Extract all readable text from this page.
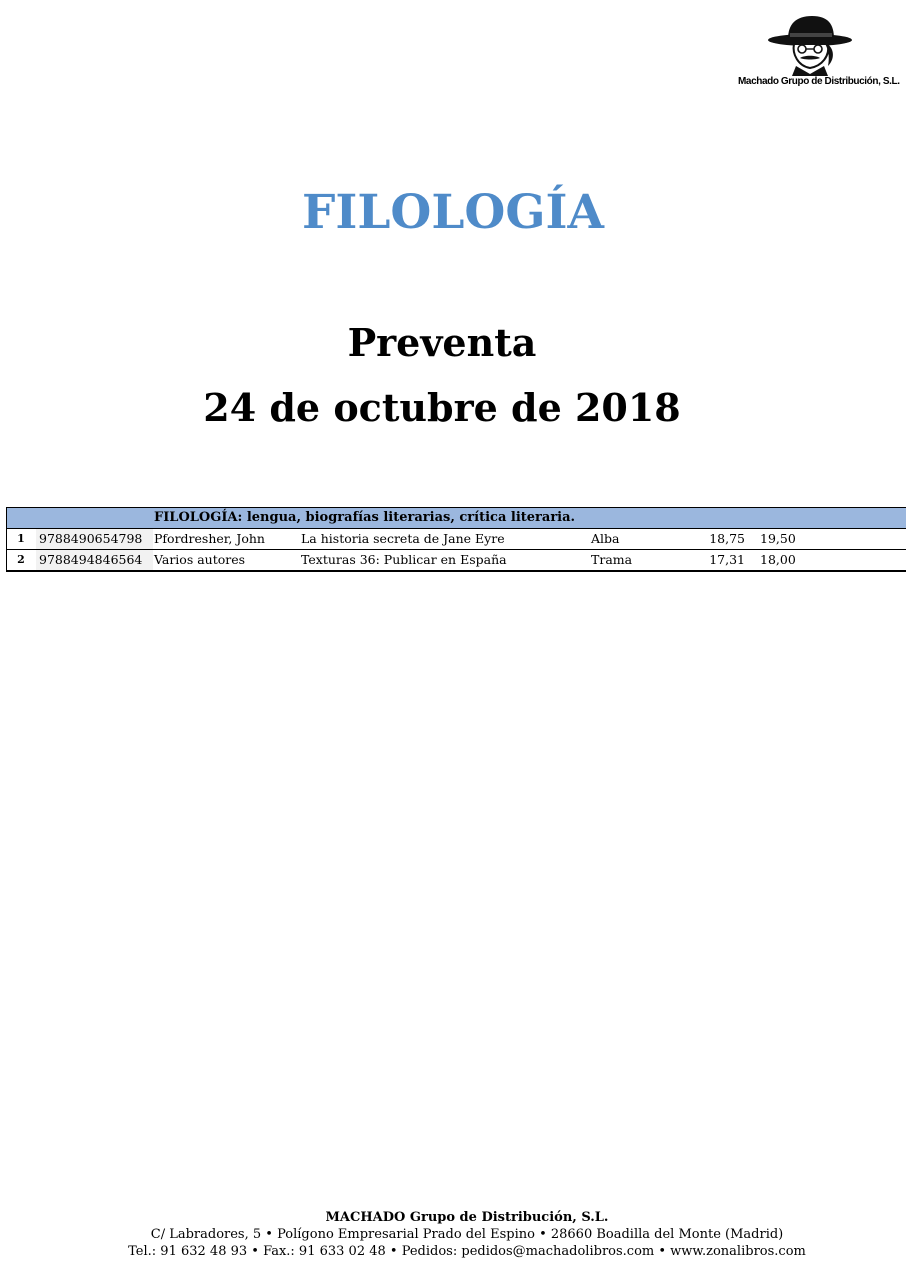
Machado Grupo de Distribución, S.L.
FILOLOGÍA
Preventa
24 de octubre de 2018
FILOLOGÍA: lengua, biografías literarias, crítica literaria.
1	9788490654798 Pfordresher, John	La historia secreta de Jane Eyre	Alba	18,75 19,50
2	9788494846564 Varios autores	Texturas 36: Publicar en España	Trama	17,31 18,00
MACHADO Grupo de Distribución, S.L.
C/ Labradores, 5 • Polígono Empresarial Prado del Espino • 28660 Boadilla del Monte (Madrid)
Tel.: 91 632 48 93 • Fax.: 91 633 02 48 • Pedidos: pedidos@machadolibros.com • www.zonalibros.com
